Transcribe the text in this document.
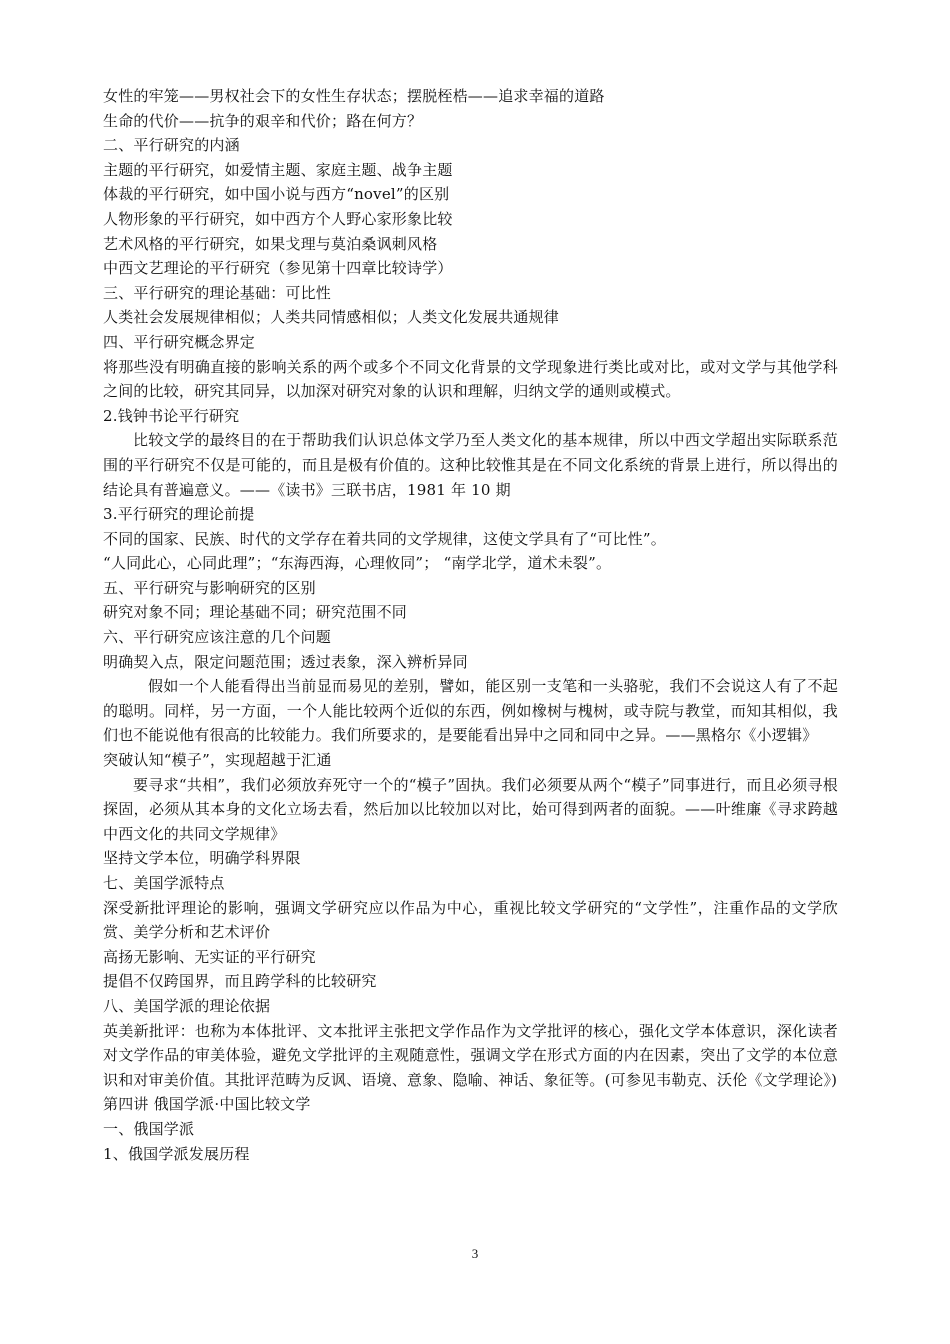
女性的牢笼——男权社会下的女性生存状态；摆脱桎梏——追求幸福的道路
生命的代价——抗争的艰辛和代价；路在何方？
二、平行研究的内涵
主题的平行研究，如爱情主题、家庭主题、战争主题
体裁的平行研究，如中国小说与西方“novel”的区别
人物形象的平行研究，如中西方个人野心家形象比较
艺术风格的平行研究，如果戈理与莫泊桑讽刺风格
中西文艺理论的平行研究（参见第十四章比较诗学）
三、平行研究的理论基础：可比性
人类社会发展规律相似；人类共同情感相似；人类文化发展共通规律
四、平行研究概念界定
将那些没有明确直接的影响关系的两个或多个不同文化背景的文学现象进行类比或对比，或对文学与其他学科之间的比较，研究其同异，以加深对研究对象的认识和理解，归纳文学的通则或模式。
2.钱钟书论平行研究
比较文学的最终目的在于帮助我们认识总体文学乃至人类文化的基本规律，所以中西文学超出实际联系范围的平行研究不仅是可能的，而且是极有价值的。这种比较惟其是在不同文化系统的背景上进行，所以得出的结论具有普遍意义。——《读书》三联书店，1981 年 10 期
3.平行研究的理论前提
不同的国家、民族、时代的文学存在着共同的文学规律，这使文学具有了“可比性”。
“人同此心，心同此理”；“东海西海，心理攸同”； “南学北学，道术未裂”。
五、平行研究与影响研究的区别
研究对象不同；理论基础不同；研究范围不同
六、平行研究应该注意的几个问题
明确契入点，限定问题范围；透过表象，深入辨析异同
假如一个人能看得出当前显而易见的差别，譬如，能区别一支笔和一头骆驼，我们不会说这人有了不起的聪明。同样，另一方面，一个人能比较两个近似的东西，例如橡树与槐树，或寺院与教堂，而知其相似，我们也不能说他有很高的比较能力。我们所要求的，是要能看出异中之同和同中之异。——黑格尔《小逻辑》
突破认知“模子”，实现超越于汇通
要寻求“共相”，我们必须放弃死守一个的“模子”固执。我们必须要从两个“模子”同事进行，而且必须寻根探固，必须从其本身的文化立场去看，然后加以比较加以对比，始可得到两者的面貌。——叶维廉《寻求跨越中西文化的共同文学规律》
坚持文学本位，明确学科界限
七、美国学派特点
深受新批评理论的影响，强调文学研究应以作品为中心，重视比较文学研究的“文学性”，注重作品的文学欣赏、美学分析和艺术评价
高扬无影响、无实证的平行研究
提倡不仅跨国界，而且跨学科的比较研究
八、美国学派的理论依据
英美新批评：也称为本体批评、文本批评主张把文学作品作为文学批评的核心，强化文学本体意识，深化读者对文学作品的审美体验，避免文学批评的主观随意性，强调文学在形式方面的内在因素，突出了文学的本位意识和对审美价值。其批评范畴为反讽、语境、意象、隐喻、神话、象征等。(可参见韦勒克、沃伦《文学理论》)
第四讲 俄国学派·中国比较文学
一、俄国学派
1、俄国学派发展历程
3
